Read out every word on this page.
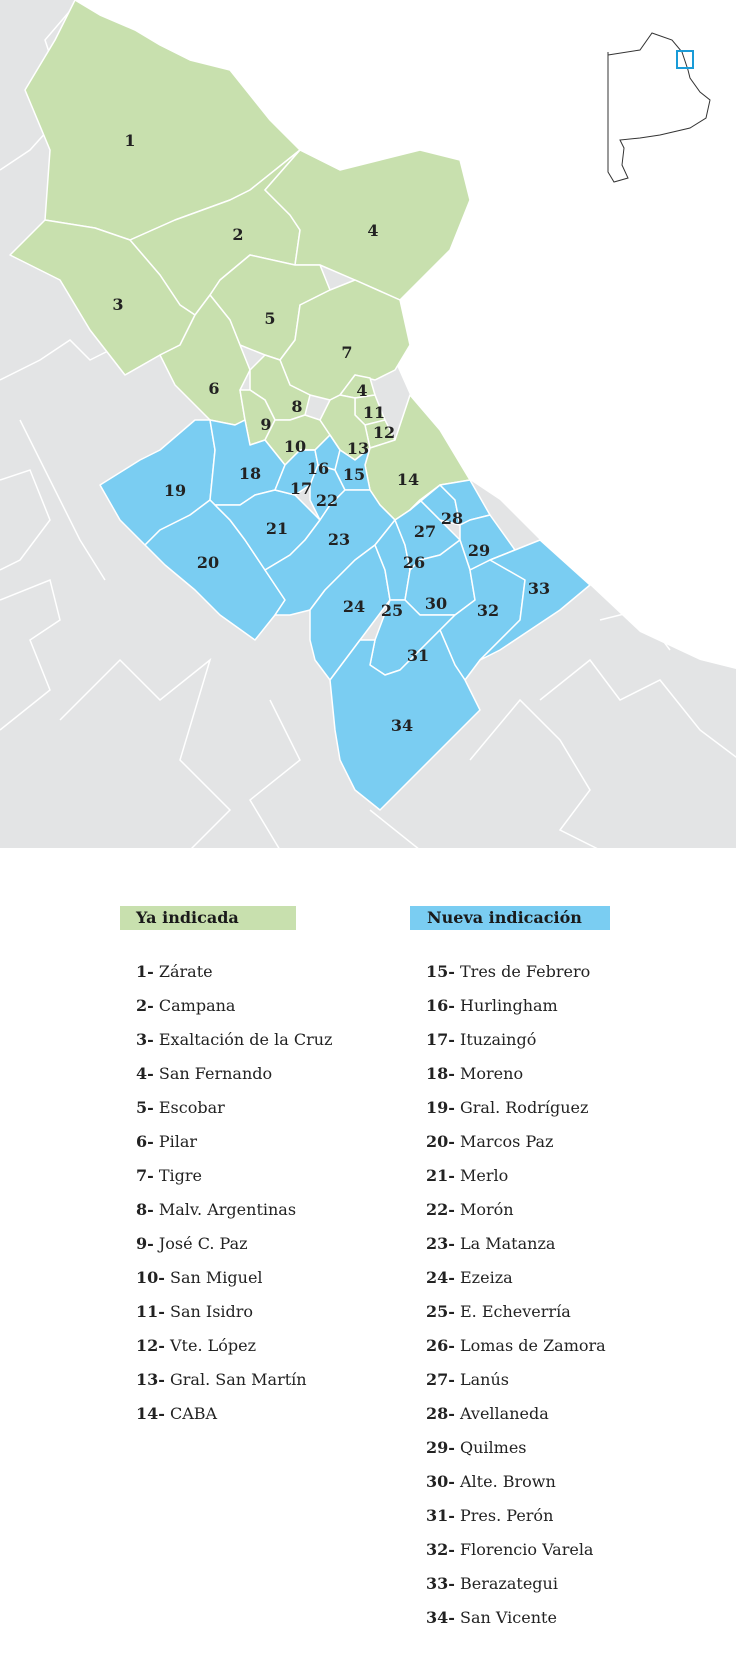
1
2
3
4
4
5
6
7
8
9
10
11
12
13
14
15
16
17
18
19
20
21
22
23
24 25
26
27
28
29
30
31
32
33
34
Ya indicada	Nueva indicación
1- Zárate
2- Campana
3- Exaltación de la Cruz
4- San Fernando
5- Escobar
6- Pilar
7- Tigre
8- Malv. Argentinas
9- José C. Paz
10- San Miguel
11- San Isidro
12- Vte. López
13- Gral. San Martín
14- CABA
15- Tres de Febrero
16- Hurlingham
17- Ituzaingó
18- Moreno
19- Gral. Rodríguez
20- Marcos Paz
21- Merlo
22- Morón
23- La Matanza
24- Ezeiza
25- E. Echeverría
26- Lomas de Zamora
27- Lanús
28- Avellaneda
29- Quilmes
30- Alte. Brown
31- Pres. Perón
32- Florencio Varela
33- Berazategui
34- San Vicente
